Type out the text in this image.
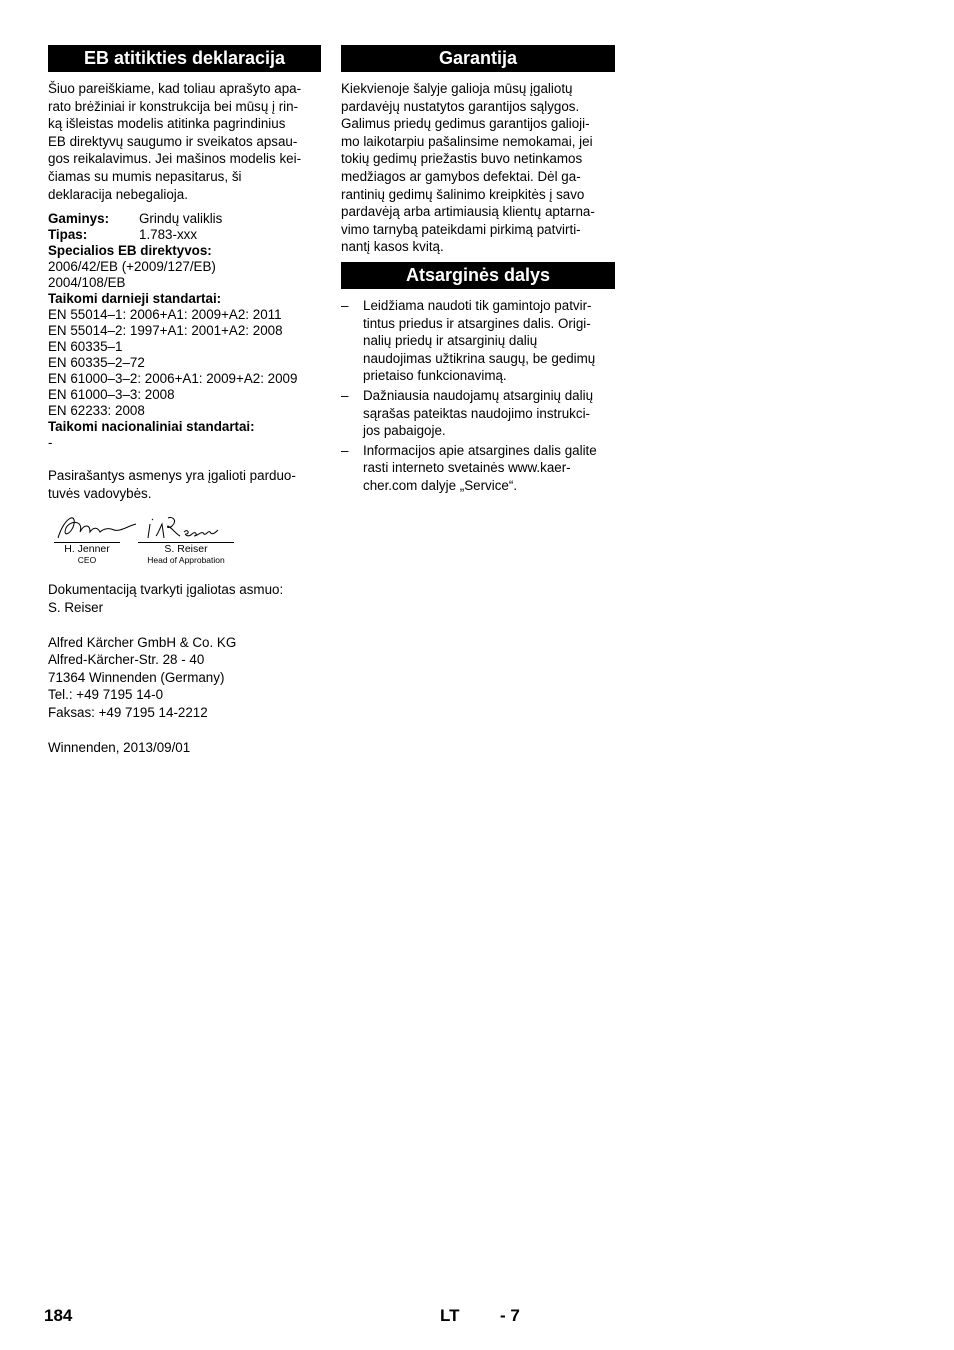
EB atitikties deklaracija

Šiuo pareiškiame, kad toliau aprašyto apa-

rato brėžiniai ir konstrukcija bei mūsų į rin-

ką išleistas modelis atitinka pagrindinius

EB direktyvų saugumo ir sveikatos apsau-

gos reikalavimus. Jei mašinos modelis kei-

čiamas su mumis nepasitarus, ši

deklaracija nebegalioja.

Gaminys:	Grindų valiklis
Tipas:	1.783-xxx
Specialios EB direktyvos:
2006/42/EB (+2009/127/EB)
2004/108/EB
Taikomi darnieji standartai:
EN 55014–1: 2006+A1: 2009+A2: 2011
EN 55014–2: 1997+A1: 2001+A2: 2008
EN 60335–1
EN 60335–2–72
EN 61000–3–2: 2006+A1: 2009+A2: 2009
EN 61000–3–3: 2008
EN 62233: 2008
Taikomi nacionaliniai standartai:
-

Pasirašantys asmenys yra įgalioti parduo-

tuvės vadovybės.

H. Jenner
CEO
S. Reiser
Head of Approbation

Dokumentaciją tvarkyti įgaliotas asmuo:

S. Reiser

Alfred Kärcher GmbH & Co. KG

Alfred-Kärcher-Str. 28 - 40

71364 Winnenden (Germany)

Tel.: +49 7195 14-0

Faksas: +49 7195 14-2212

Winnenden, 2013/09/01
Garantija

Kiekvienoje šalyje galioja mūsų įgaliotų

pardavėjų nustatytos garantijos sąlygos.

Galimus priedų gedimus garantijos galioji-

mo laikotarpiu pašalinsime nemokamai, jei

tokių gedimų priežastis buvo netinkamos

medžiagos ar gamybos defektai. Dėl ga-

rantinių gedimų šalinimo kreipkitės į savo

pardavėją arba artimiausią klientų aptarna-

vimo tarnybą pateikdami pirkimą patvirti-

nantį kasos kvitą.

Atsarginės dalys
– Leidžiama naudoti tik gamintojo patvir-

tintus priedus ir atsargines dalis. Origi-

nalių priedų ir atsarginių dalių

naudojimas užtikrina saugų, be gedimų

prietaiso funkcionavimą.

– Dažniausia naudojamų atsarginių dalių

sąrašas pateiktas naudojimo instrukci-

jos pabaigoje.

– Informacijos apie atsargines dalis galite

rasti interneto svetainės www.kaer-

cher.com dalyje „Service“.

184	LT - 7
